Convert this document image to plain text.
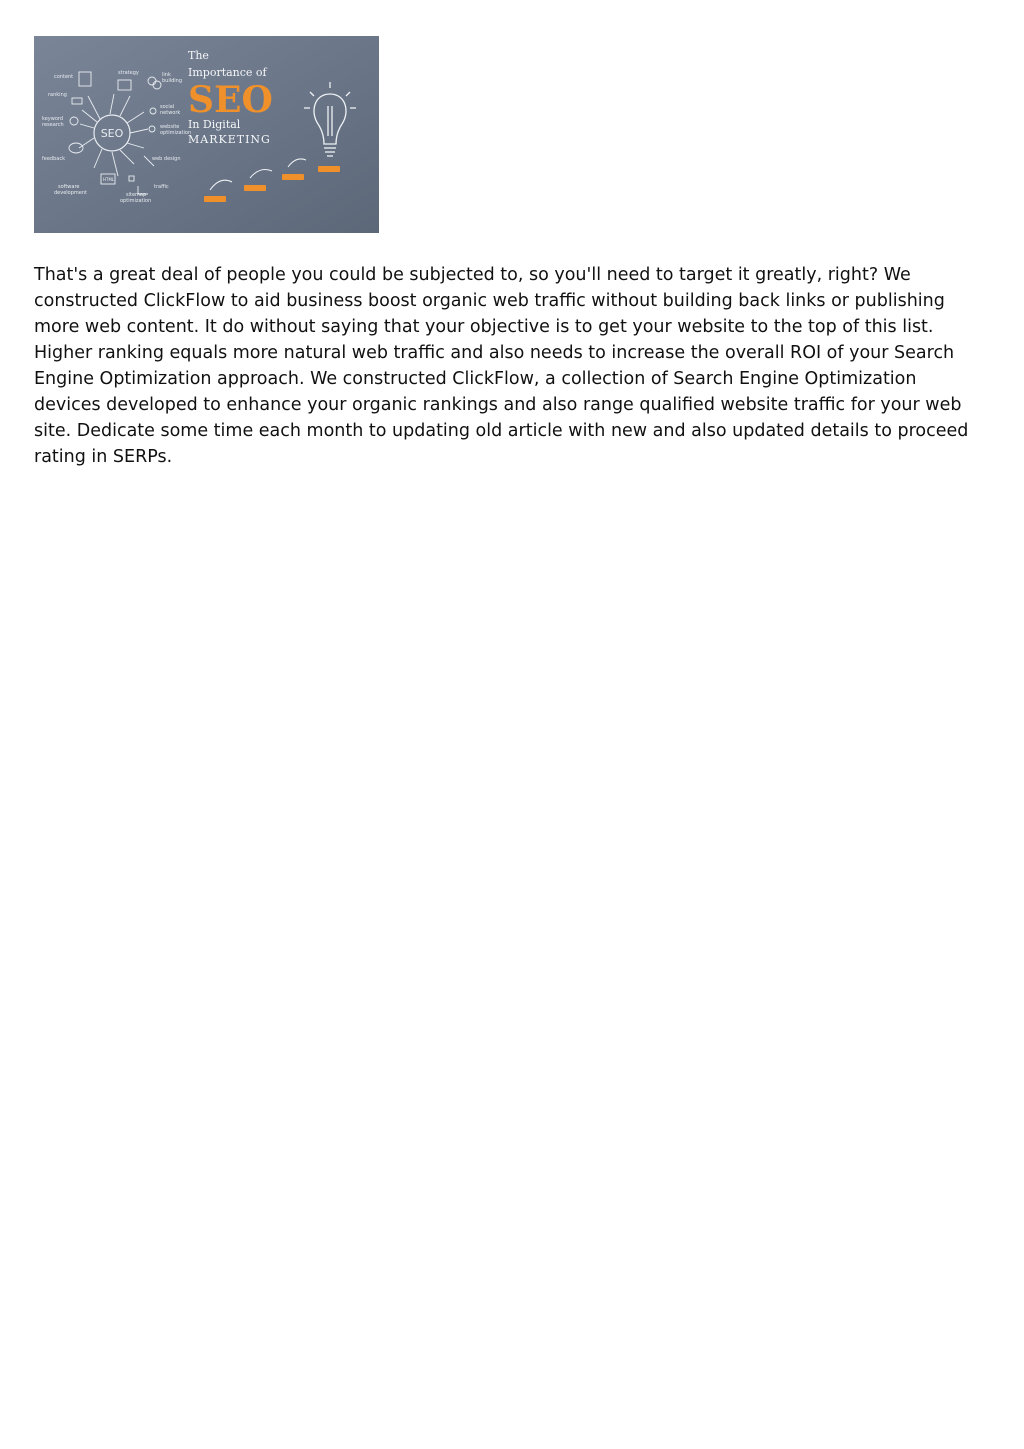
SEO
strategy
content	link
building
ranking
keyword
research
social
network
website
optimization
feedback	web design
HTML
software
development	sitemap
optimization
traffic
The
Importance of
SEO
In Digital
MARKETING

That's a great deal of people you could be subjected to, so you'll need to target it greatly, right? We constructed ClickFlow to aid business boost organic web traffic without building back links or publishing more web content. It do without saying that your objective is to get your website to the top of this list. Higher ranking equals more natural web traffic and also needs to increase the overall ROI of your Search Engine Optimization approach. We constructed ClickFlow, a collection of Search Engine Optimization devices developed to enhance your organic rankings and also range qualified website traffic for your web site. Dedicate some time each month to updating old article with new and also updated details to proceed rating in SERPs.
